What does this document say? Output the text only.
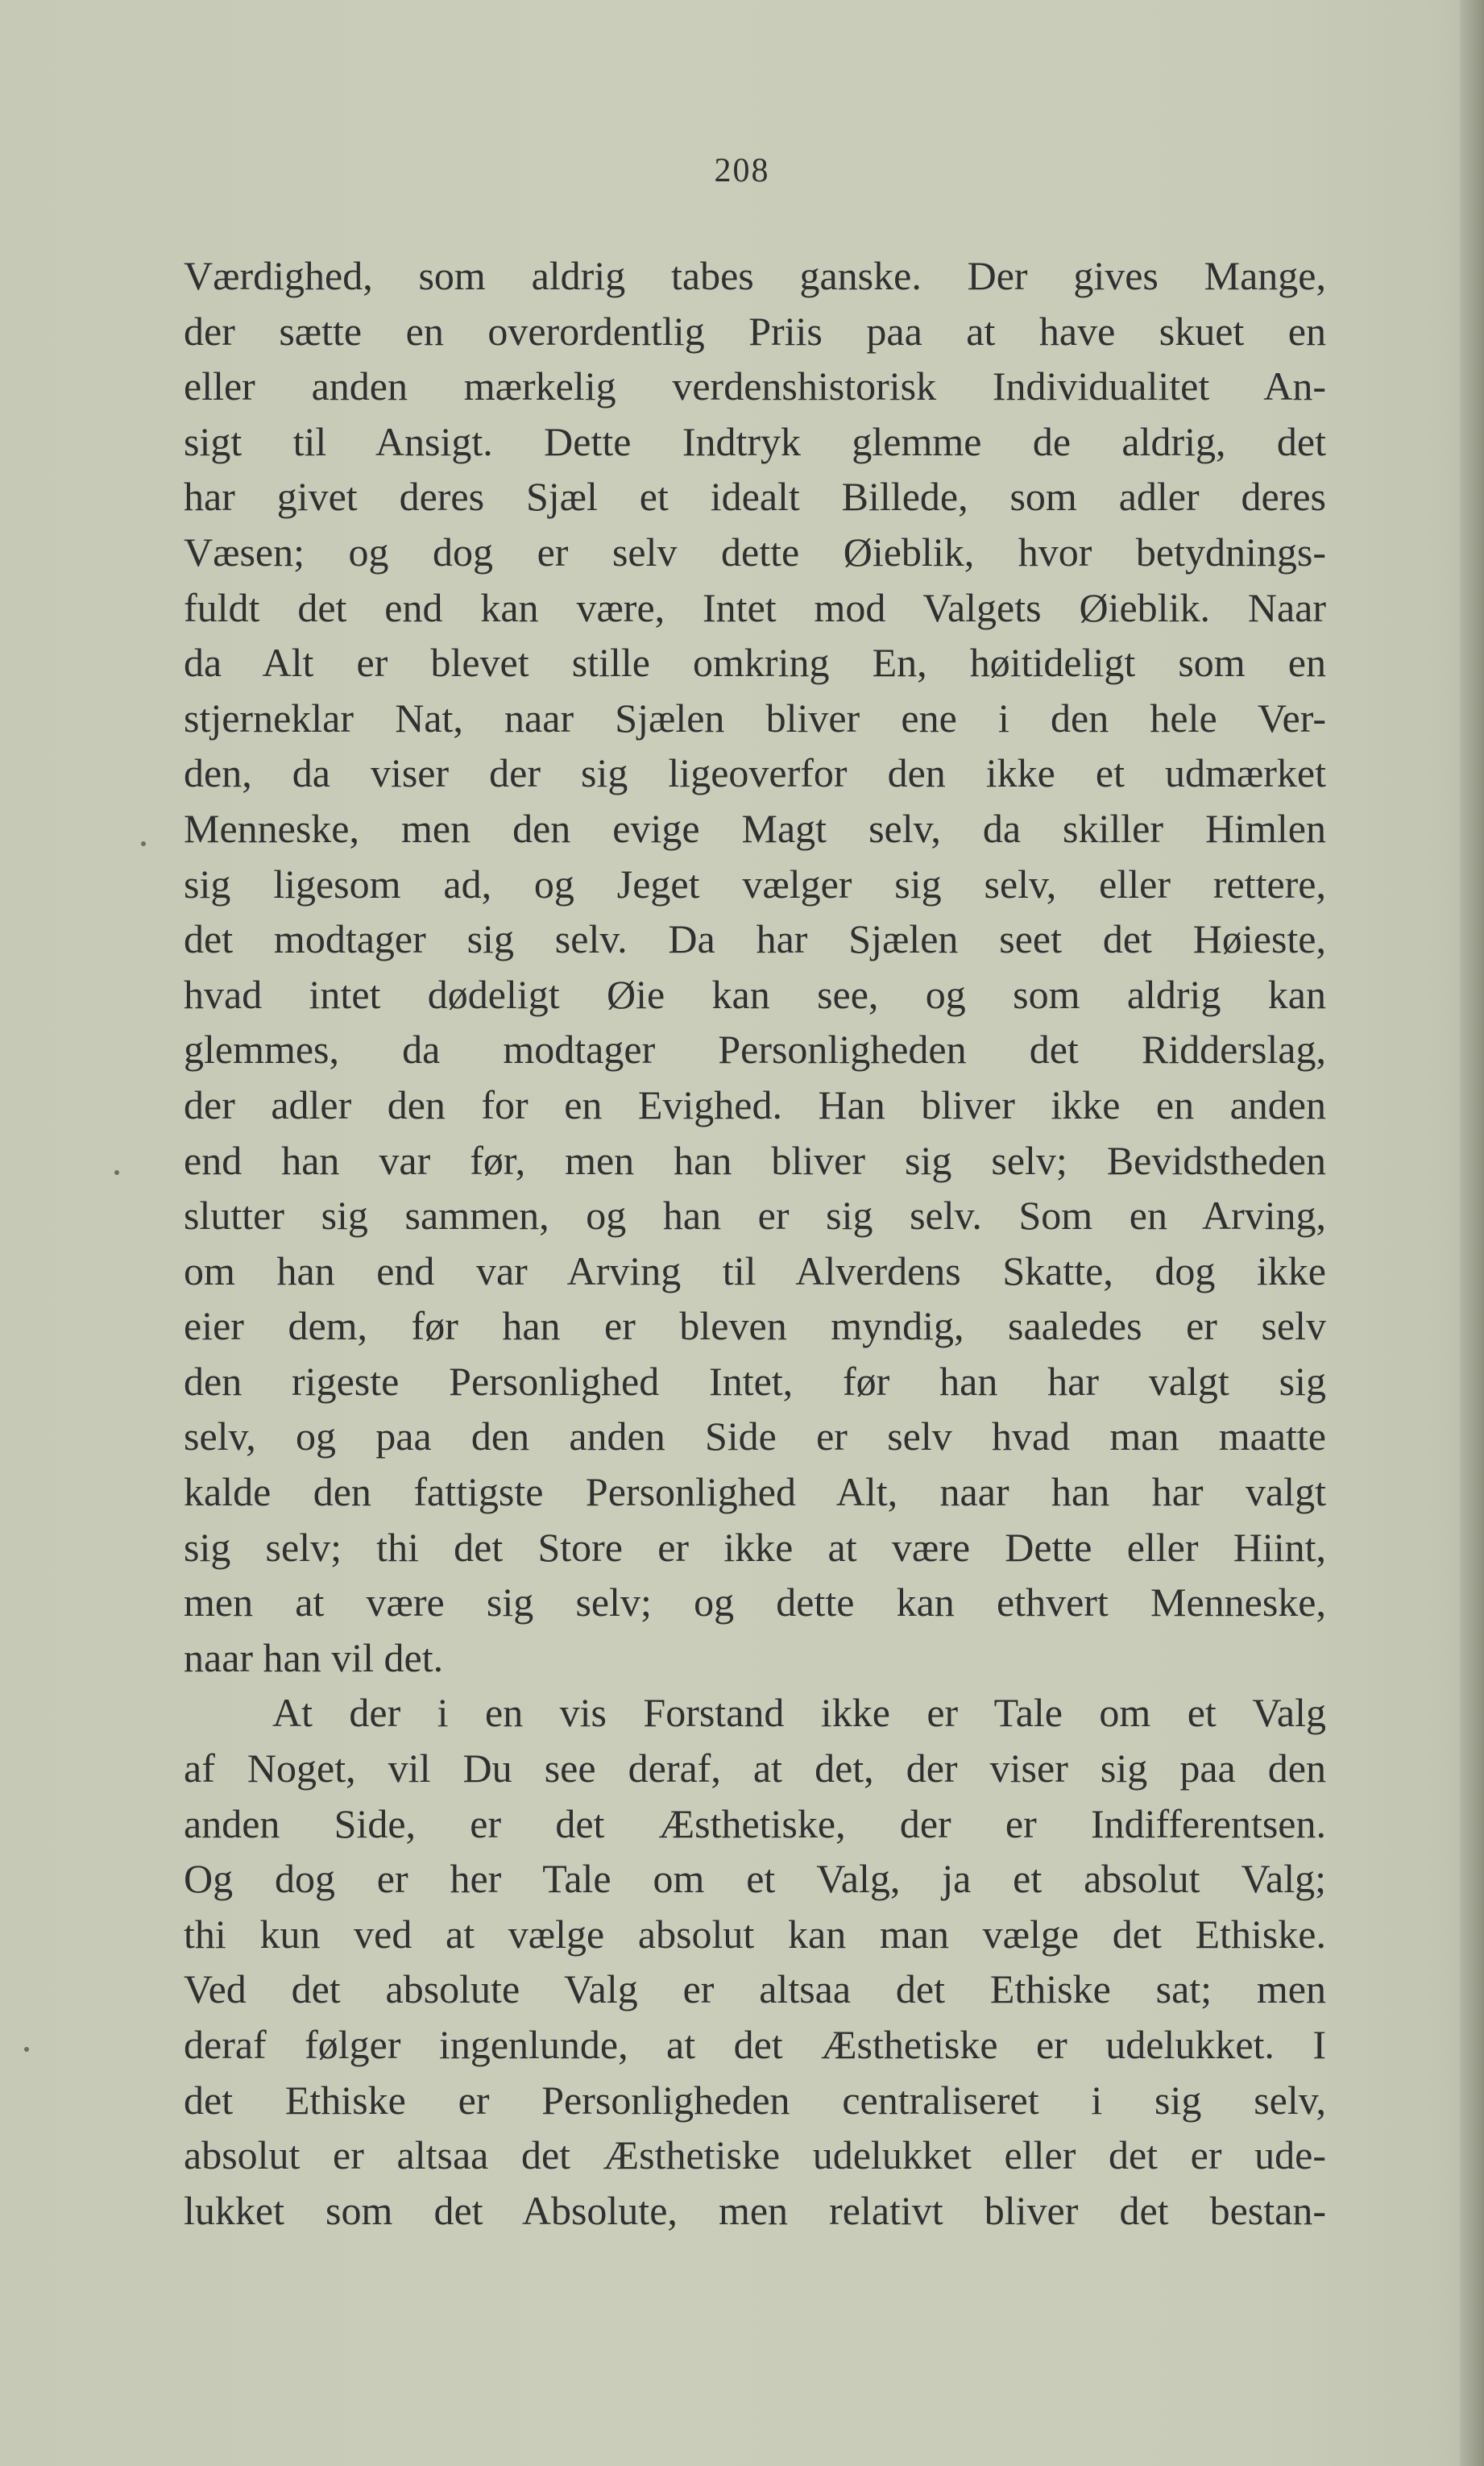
208
Værdighed, som aldrig tabes ganske. Der gives Mange,
der sætte en overordentlig Priis paa at have skuet en
eller anden mærkelig verdenshistorisk Individualitet An-
sigt til Ansigt. Dette Indtryk glemme de aldrig, det
har givet deres Sjæl et idealt Billede, som adler deres
Væsen; og dog er selv dette Øieblik, hvor betydnings-
fuldt det end kan være, Intet mod Valgets Øieblik. Naar
da Alt er blevet stille omkring En, høitideligt som en
stjerneklar Nat, naar Sjælen bliver ene i den hele Ver-
den, da viser der sig ligeoverfor den ikke et udmærket
Menneske, men den evige Magt selv, da skiller Himlen
sig ligesom ad, og Jeget vælger sig selv, eller rettere,
det modtager sig selv. Da har Sjælen seet det Høieste,
hvad intet dødeligt Øie kan see, og som aldrig kan
glemmes, da modtager Personligheden det Ridderslag,
der adler den for en Evighed. Han bliver ikke en anden
end han var før, men han bliver sig selv; Bevidstheden
slutter sig sammen, og han er sig selv. Som en Arving,
om han end var Arving til Alverdens Skatte, dog ikke
eier dem, før han er bleven myndig, saaledes er selv
den rigeste Personlighed Intet, før han har valgt sig
selv, og paa den anden Side er selv hvad man maatte
kalde den fattigste Personlighed Alt, naar han har valgt
sig selv; thi det Store er ikke at være Dette eller Hiint,
men at være sig selv; og dette kan ethvert Menneske,
naar han vil det.
At der i en vis Forstand ikke er Tale om et Valg
af Noget, vil Du see deraf, at det, der viser sig paa den
anden Side, er det Æsthetiske, der er Indifferentsen.
Og dog er her Tale om et Valg, ja et absolut Valg;
thi kun ved at vælge absolut kan man vælge det Ethiske.
Ved det absolute Valg er altsaa det Ethiske sat; men
deraf følger ingenlunde, at det Æsthetiske er udelukket. I
det Ethiske er Personligheden centraliseret i sig selv,
absolut er altsaa det Æsthetiske udelukket eller det er ude-
lukket som det Absolute, men relativt bliver det bestan-
